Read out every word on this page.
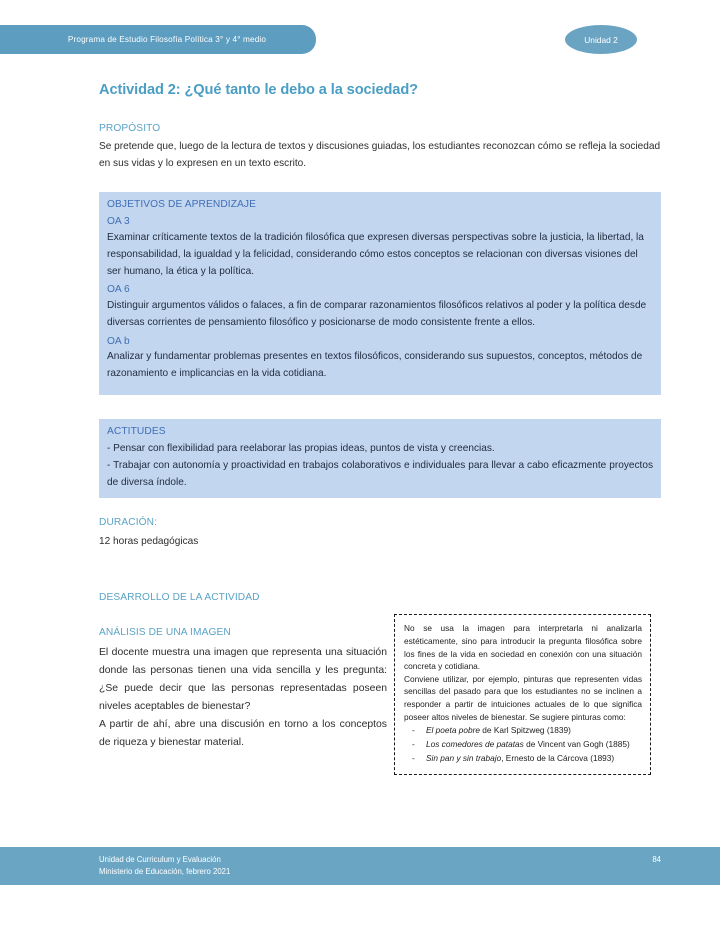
Programa de Estudio Filosofía Política 3° y 4° medio	Unidad 2
Actividad 2: ¿Qué tanto le debo a la sociedad?
PROPÓSITO

Se pretende que, luego de la lectura de textos y discusiones guiadas, los estudiantes reconozcan cómo se refleja la sociedad en sus vidas y lo expresen en un texto escrito.

OBJETIVOS DE APRENDIZAJE
OA 3

Examinar críticamente textos de la tradición filosófica que expresen diversas perspectivas sobre la justicia, la libertad, la responsabilidad, la igualdad y la felicidad, considerando cómo estos conceptos se relacionan con diversas visiones del ser humano, la ética y la política.

OA 6

Distinguir argumentos válidos o falaces, a fin de comparar razonamientos filosóficos relativos al poder y la política desde diversas corrientes de pensamiento filosófico y posicionarse de modo consistente frente a ellos.

OA b

Analizar y fundamentar problemas presentes en textos filosóficos, considerando sus supuestos, conceptos, métodos de razonamiento e implicancias en la vida cotidiana.

ACTITUDES

- Pensar con flexibilidad para reelaborar las propias ideas, puntos de vista y creencias.

- Trabajar con autonomía y proactividad en trabajos colaborativos e individuales para llevar a cabo eficazmente proyectos de diversa índole.

DURACIÓN:

12 horas pedagógicas

DESARROLLO DE LA ACTIVIDAD
ANÁLISIS DE UNA IMAGEN

El docente muestra una imagen que representa una situación donde las personas tienen una vida sencilla y les pregunta: ¿Se puede decir que las personas representadas poseen niveles aceptables de bienestar?

A partir de ahí, abre una discusión en torno a los conceptos de riqueza y bienestar material.

No se usa la imagen para interpretarla ni analizarla estéticamente, sino para introducir la pregunta filosófica sobre los fines de la vida en sociedad en conexión con una situación concreta y cotidiana.

Conviene utilizar, por ejemplo, pinturas que representen vidas sencillas del pasado para que los estudiantes no se inclinen a responder a partir de intuiciones actuales de lo que significa poseer altos niveles de bienestar. Se sugiere pinturas como:

- El poeta pobre de Karl Spitzweg (1839)
- Los comedores de patatas de Vincent van Gogh (1885)
- Sin pan y sin trabajo, Ernesto de la Cárcova (1893)
Unidad de Curriculum y Evaluación
Ministerio de Educación, febrero 2021
84
